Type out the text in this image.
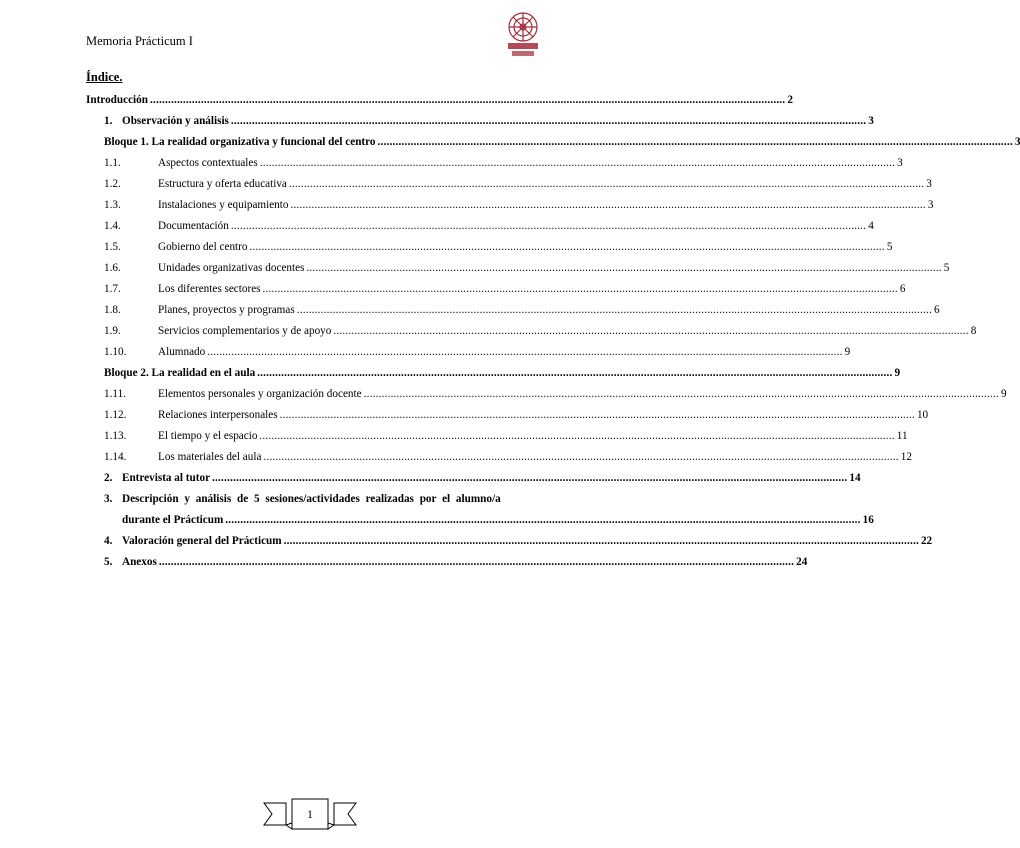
Memoria Prácticum I
Índice.
Introducción .................................................................................................................................................................................................................... 2
1. Observación y análisis .................................................................................................................................................................................................................... 3
Bloque 1. La realidad organizativa y funcional del centro .................................................................................................................................................................................................................... 3
1.1.	Aspectos contextuales .................................................................................................................................................................................................................... 3
1.2.	Estructura y oferta educativa .................................................................................................................................................................................................................... 3
1.3.	Instalaciones y equipamiento .................................................................................................................................................................................................................... 3
1.4.	Documentación .................................................................................................................................................................................................................... 4
1.5.	Gobierno del centro .................................................................................................................................................................................................................... 5
1.6.	Unidades organizativas docentes .................................................................................................................................................................................................................... 5
1.7.	Los diferentes sectores .................................................................................................................................................................................................................... 6
1.8.	Planes, proyectos y programas .................................................................................................................................................................................................................... 6
1.9.	Servicios complementarios y de apoyo .................................................................................................................................................................................................................... 8
1.10.	Alumnado .................................................................................................................................................................................................................... 9
Bloque 2. La realidad en el aula .................................................................................................................................................................................................................... 9
1.11.	Elementos personales y organización docente .................................................................................................................................................................................................................... 9
1.12.	Relaciones interpersonales .................................................................................................................................................................................................................... 10
1.13.	El tiempo y el espacio .................................................................................................................................................................................................................... 11
1.14.	Los materiales del aula .................................................................................................................................................................................................................... 12
2. Entrevista al tutor .................................................................................................................................................................................................................... 14
3. Descripción y análisis de 5 sesiones/actividades realizadas por el alumno/a
durante el Prácticum .................................................................................................................................................................................................................... 16
4. Valoración general del Prácticum .................................................................................................................................................................................................................... 22
5. Anexos .................................................................................................................................................................................................................... 24
1
